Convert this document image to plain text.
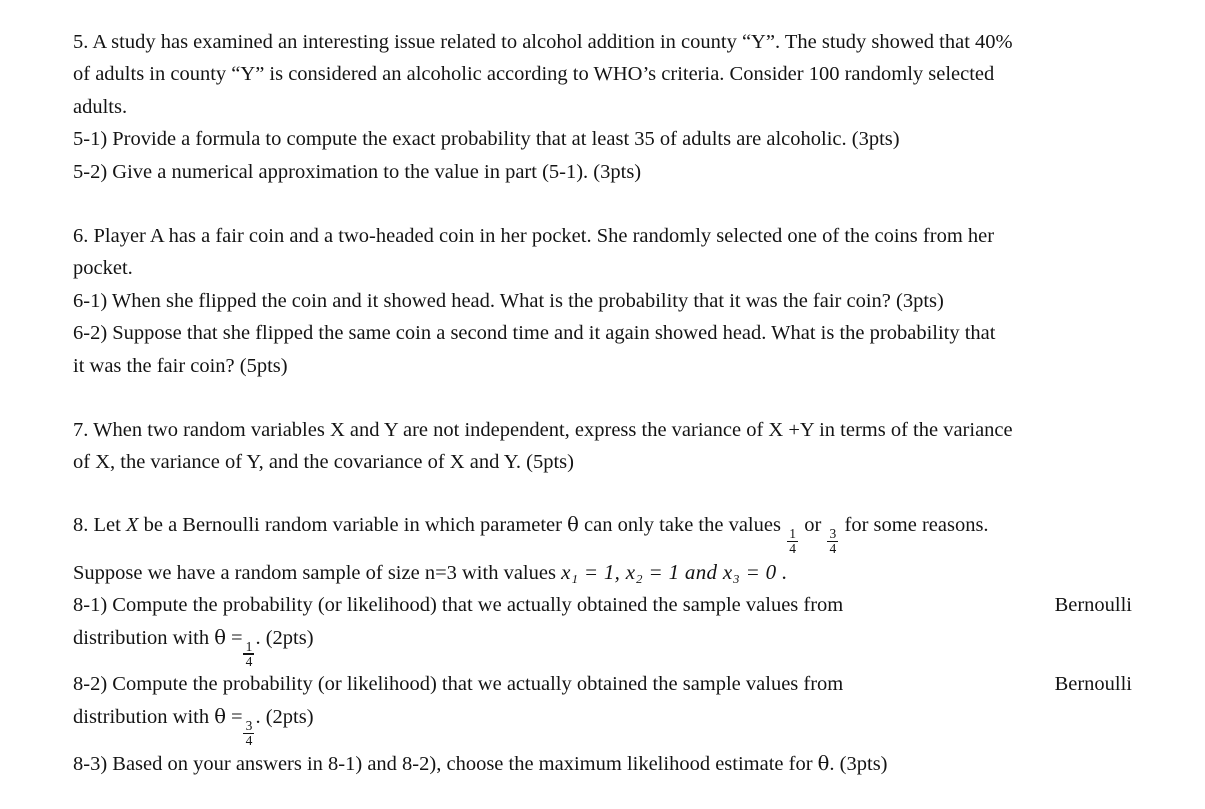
5. A study has examined an interesting issue related to alcohol addition in county “Y”. The study showed that 40%
of adults in county “Y” is considered an alcoholic according to WHO’s criteria. Consider 100 randomly selected
adults.
5-1) Provide a formula to compute the exact probability that at least 35 of adults are alcoholic. (3pts)
5-2) Give a numerical approximation to the value in part (5-1). (3pts)
6. Player A has a fair coin and a two-headed coin in her pocket. She randomly selected one of the coins from her
pocket.
6-1) When she flipped the coin and it showed head. What is the probability that it was the fair coin? (3pts)
6-2) Suppose that she flipped the same coin a second time and it again showed head. What is the probability that
it was the fair coin? (5pts)
7. When two random variables X and Y are not independent, express the variance of X +Y in terms of the variance
of X, the variance of Y, and the covariance of X and Y. (5pts)
8. Let X be a Bernoulli random variable in which parameter θ can only take the values
$\frac{1}{4}$
or
$\frac{3}{4}$
for some reasons.
Suppose we have a random sample of size n=3 with values x₁ = 1, x₂ = 1 and x₃ = 0 .
8-1) Compute the probability (or likelihood) that we actually obtained the sample values from	Bernoulli
distribution with θ =
$\frac{1}{4}$
. (2pts)
8-2) Compute the probability (or likelihood) that we actually obtained the sample values from	Bernoulli
distribution with θ =
$\frac{3}{4}$
. (2pts)
8-3) Based on your answers in 8-1) and 8-2), choose the maximum likelihood estimate for θ. (3pts)
